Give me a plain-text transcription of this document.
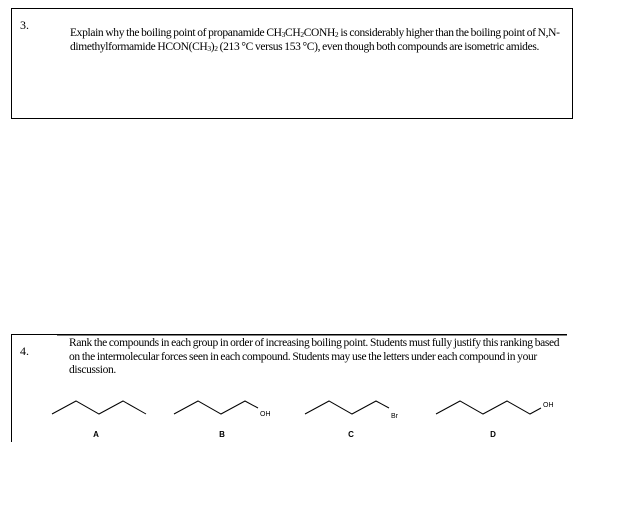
3.
Explain why the boiling point of propanamide $CH_3CH_2CONH_2$ is considerably higher than the boiling point of N,N-dimethylformamide $HCON(CH_3)_2$ (213 °C versus 153 °C), even though both compounds are isometric amides.
4.
Rank the compounds in each group in order of increasing boiling point. Students must fully justify this ranking based on the intermolecular forces seen in each compound. Students may use the letters under each compound in your discussion.
A
OH
B
Br
C
OH
D
